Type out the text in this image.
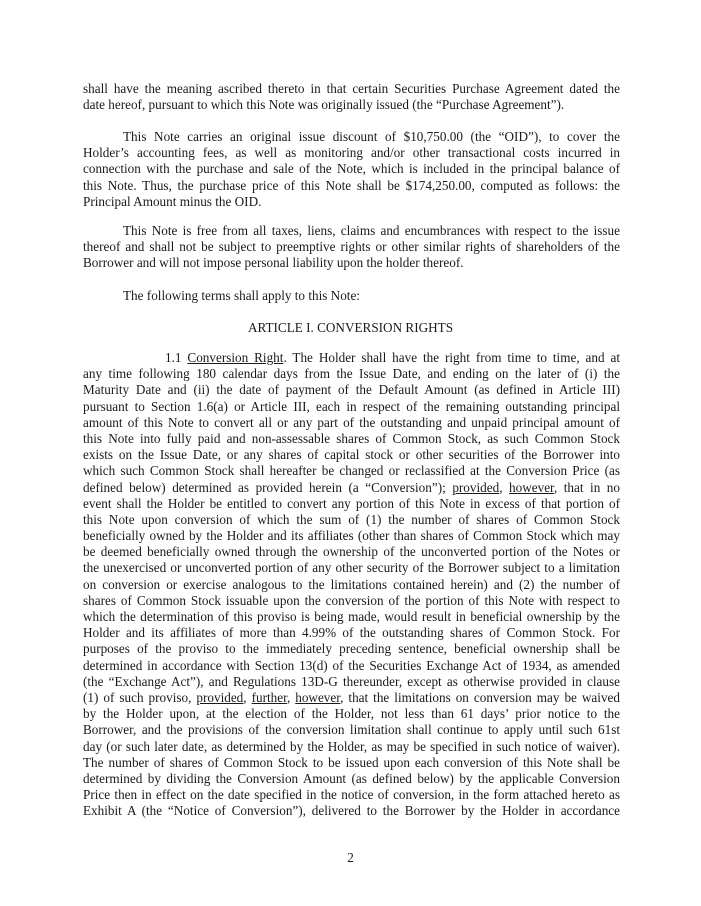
shall have the meaning ascribed thereto in that certain Securities Purchase Agreement dated the
date hereof, pursuant to which this Note was originally issued (the “Purchase Agreement”).
This Note carries an original issue discount of $10,750.00 (the “OID”), to cover the
Holder’s accounting fees, as well as monitoring and/or other transactional costs incurred in
connection with the purchase and sale of the Note, which is included in the principal balance of
this Note. Thus, the purchase price of this Note shall be $174,250.00, computed as follows: the
Principal Amount minus the OID.
This Note is free from all taxes, liens, claims and encumbrances with respect to the issue
thereof and shall not be subject to preemptive rights or other similar rights of shareholders of the
Borrower and will not impose personal liability upon the holder thereof.
The following terms shall apply to this Note:
ARTICLE I. CONVERSION RIGHTS
1.1 Conversion Right. The Holder shall have the right from time to time, and at
any time following 180 calendar days from the Issue Date, and ending on the later of (i) the
Maturity Date and (ii) the date of payment of the Default Amount (as defined in Article III)
pursuant to Section 1.6(a) or Article III, each in respect of the remaining outstanding principal
amount of this Note to convert all or any part of the outstanding and unpaid principal amount of
this Note into fully paid and non-assessable shares of Common Stock, as such Common Stock
exists on the Issue Date, or any shares of capital stock or other securities of the Borrower into
which such Common Stock shall hereafter be changed or reclassified at the Conversion Price (as
defined below) determined as provided herein (a “Conversion”); provided, however, that in no
event shall the Holder be entitled to convert any portion of this Note in excess of that portion of
this Note upon conversion of which the sum of (1) the number of shares of Common Stock
beneficially owned by the Holder and its affiliates (other than shares of Common Stock which may
be deemed beneficially owned through the ownership of the unconverted portion of the Notes or
the unexercised or unconverted portion of any other security of the Borrower subject to a limitation
on conversion or exercise analogous to the limitations contained herein) and (2) the number of
shares of Common Stock issuable upon the conversion of the portion of this Note with respect to
which the determination of this proviso is being made, would result in beneficial ownership by the
Holder and its affiliates of more than 4.99% of the outstanding shares of Common Stock. For
purposes of the proviso to the immediately preceding sentence, beneficial ownership shall be
determined in accordance with Section 13(d) of the Securities Exchange Act of 1934, as amended
(the “Exchange Act”), and Regulations 13D-G thereunder, except as otherwise provided in clause
(1) of such proviso, provided, further, however, that the limitations on conversion may be waived
by the Holder upon, at the election of the Holder, not less than 61 days’ prior notice to the
Borrower, and the provisions of the conversion limitation shall continue to apply until such 61st
day (or such later date, as determined by the Holder, as may be specified in such notice of waiver).
The number of shares of Common Stock to be issued upon each conversion of this Note shall be
determined by dividing the Conversion Amount (as defined below) by the applicable Conversion
Price then in effect on the date specified in the notice of conversion, in the form attached hereto as
Exhibit A (the “Notice of Conversion”), delivered to the Borrower by the Holder in accordance
2
